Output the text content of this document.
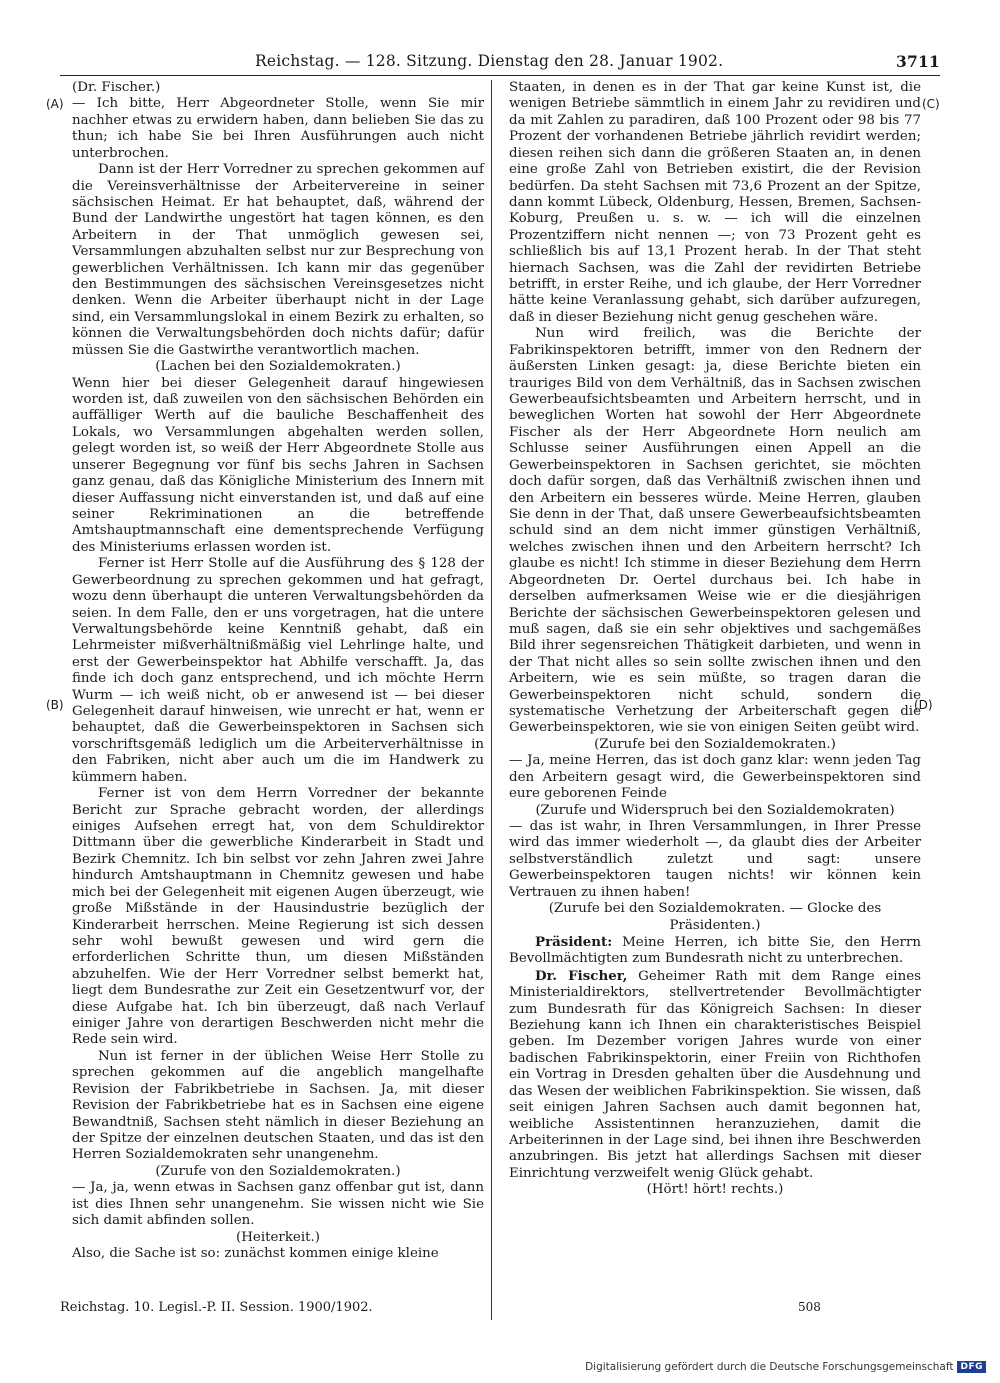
Reichstag. — 128. Sitzung. Dienstag den 28. Januar 1902.	3711
(A)
(B)
(C)
(D)

(Dr. Fischer.)

— Ich bitte, Herr Abgeordneter Stolle, wenn Sie mir nachher etwas zu erwidern haben, dann belieben Sie das zu thun; ich habe Sie bei Ihren Ausführungen auch nicht unterbrochen.

Dann ist der Herr Vorredner zu sprechen gekommen auf die Vereinsverhältnisse der Arbeitervereine in seiner sächsischen Heimat. Er hat behauptet, daß, während der Bund der Landwirthe ungestört hat tagen können, es den Arbeitern in der That unmöglich gewesen sei, Versammlungen abzuhalten selbst nur zur Besprechung von gewerblichen Verhältnissen. Ich kann mir das gegenüber den Bestimmungen des sächsischen Vereinsgesetzes nicht denken. Wenn die Arbeiter überhaupt nicht in der Lage sind, ein Versammlungslokal in einem Bezirk zu erhalten, so können die Verwaltungsbehörden doch nichts dafür; dafür müssen Sie die Gastwirthe verantwortlich machen.

(Lachen bei den Sozialdemokraten.)

Wenn hier bei dieser Gelegenheit darauf hingewiesen worden ist, daß zuweilen von den sächsischen Behörden ein auffälliger Werth auf die bauliche Beschaffenheit des Lokals, wo Versammlungen abgehalten werden sollen, gelegt worden ist, so weiß der Herr Abgeordnete Stolle aus unserer Begegnung vor fünf bis sechs Jahren in Sachsen ganz genau, daß das Königliche Ministerium des Innern mit dieser Auffassung nicht einverstanden ist, und daß auf eine seiner Rekriminationen an die betreffende Amtshauptmannschaft eine dementsprechende Verfügung des Ministeriums erlassen worden ist.

Ferner ist Herr Stolle auf die Ausführung des § 128 der Gewerbeordnung zu sprechen gekommen und hat gefragt, wozu denn überhaupt die unteren Verwaltungsbehörden da seien. In dem Falle, den er uns vorgetragen, hat die untere Verwaltungsbehörde keine Kenntniß gehabt, daß ein Lehrmeister mißverhältnißmäßig viel Lehrlinge halte, und erst der Gewerbeinspektor hat Abhilfe verschafft. Ja, das finde ich doch ganz entsprechend, und ich möchte Herrn Wurm — ich weiß nicht, ob er anwesend ist — bei dieser Gelegenheit darauf hinweisen, wie unrecht er hat, wenn er behauptet, daß die Gewerbeinspektoren in Sachsen sich vorschriftsgemäß lediglich um die Arbeiterverhältnisse in den Fabriken, nicht aber auch um die im Handwerk zu kümmern haben.

Ferner ist von dem Herrn Vorredner der bekannte Bericht zur Sprache gebracht worden, der allerdings einiges Aufsehen erregt hat, von dem Schuldirektor Dittmann über die gewerbliche Kinderarbeit in Stadt und Bezirk Chemnitz. Ich bin selbst vor zehn Jahren zwei Jahre hindurch Amtshauptmann in Chemnitz gewesen und habe mich bei der Gelegenheit mit eigenen Augen überzeugt, wie große Mißstände in der Hausindustrie bezüglich der Kinderarbeit herrschen. Meine Regierung ist sich dessen sehr wohl bewußt gewesen und wird gern die erforderlichen Schritte thun, um diesen Mißständen abzuhelfen. Wie der Herr Vorredner selbst bemerkt hat, liegt dem Bundesrathe zur Zeit ein Gesetzentwurf vor, der diese Aufgabe hat. Ich bin überzeugt, daß nach Verlauf einiger Jahre von derartigen Beschwerden nicht mehr die Rede sein wird.

Nun ist ferner in der üblichen Weise Herr Stolle zu sprechen gekommen auf die angeblich mangelhafte Revision der Fabrikbetriebe in Sachsen. Ja, mit dieser Revision der Fabrikbetriebe hat es in Sachsen eine eigene Bewandtniß, Sachsen steht nämlich in dieser Beziehung an der Spitze der einzelnen deutschen Staaten, und das ist den Herren Sozialdemokraten sehr unangenehm.

(Zurufe von den Sozialdemokraten.)

— Ja, ja, wenn etwas in Sachsen ganz offenbar gut ist, dann ist dies Ihnen sehr unangenehm. Sie wissen nicht wie Sie sich damit abfinden sollen.

(Heiterkeit.)

Also, die Sache ist so: zunächst kommen einige kleine

Staaten, in denen es in der That gar keine Kunst ist, die wenigen Betriebe sämmtlich in einem Jahr zu revidiren und da mit Zahlen zu paradiren, daß 100 Prozent oder 98 bis 77 Prozent der vorhandenen Betriebe jährlich revidirt werden; diesen reihen sich dann die größeren Staaten an, in denen eine große Zahl von Betrieben existirt, die der Revision bedürfen. Da steht Sachsen mit 73,6 Prozent an der Spitze, dann kommt Lübeck, Oldenburg, Hessen, Bremen, Sachsen-Koburg, Preußen u. s. w. — ich will die einzelnen Prozentziffern nicht nennen —; von 73 Prozent geht es schließlich bis auf 13,1 Prozent herab. In der That steht hiernach Sachsen, was die Zahl der revidirten Betriebe betrifft, in erster Reihe, und ich glaube, der Herr Vorredner hätte keine Veranlassung gehabt, sich darüber aufzuregen, daß in dieser Beziehung nicht genug geschehen wäre.

Nun wird freilich, was die Berichte der Fabrikinspektoren betrifft, immer von den Rednern der äußersten Linken gesagt: ja, diese Berichte bieten ein trauriges Bild von dem Verhältniß, das in Sachsen zwischen Gewerbeaufsichtsbeamten und Arbeitern herrscht, und in beweglichen Worten hat sowohl der Herr Abgeordnete Fischer als der Herr Abgeordnete Horn neulich am Schlusse seiner Ausführungen einen Appell an die Gewerbeinspektoren in Sachsen gerichtet, sie möchten doch dafür sorgen, daß das Verhältniß zwischen ihnen und den Arbeitern ein besseres würde. Meine Herren, glauben Sie denn in der That, daß unsere Gewerbeaufsichtsbeamten schuld sind an dem nicht immer günstigen Verhältniß, welches zwischen ihnen und den Arbeitern herrscht? Ich glaube es nicht! Ich stimme in dieser Beziehung dem Herrn Abgeordneten Dr. Oertel durchaus bei. Ich habe in derselben aufmerksamen Weise wie er die diesjährigen Berichte der sächsischen Gewerbeinspektoren gelesen und muß sagen, daß sie ein sehr objektives und sachgemäßes Bild ihrer segensreichen Thätigkeit darbieten, und wenn in der That nicht alles so sein sollte zwischen ihnen und den Arbeitern, wie es sein müßte, so tragen daran die Gewerbeinspektoren nicht schuld, sondern die systematische Verhetzung der Arbeiterschaft gegen die Gewerbeinspektoren, wie sie von einigen Seiten geübt wird.

(Zurufe bei den Sozialdemokraten.)

— Ja, meine Herren, das ist doch ganz klar: wenn jeden Tag den Arbeitern gesagt wird, die Gewerbeinspektoren sind eure geborenen Feinde

(Zurufe und Widerspruch bei den Sozialdemokraten)

— das ist wahr, in Ihren Versammlungen, in Ihrer Presse wird das immer wiederholt —, da glaubt dies der Arbeiter selbstverständlich zuletzt und sagt: unsere Gewerbeinspektoren taugen nichts! wir können kein Vertrauen zu ihnen haben!

(Zurufe bei den Sozialdemokraten. — Glocke des Präsidenten.)

Präsident: Meine Herren, ich bitte Sie, den Herrn Bevollmächtigten zum Bundesrath nicht zu unterbrechen.

Dr. Fischer, Geheimer Rath mit dem Range eines Ministerialdirektors, stellvertretender Bevollmächtigter zum Bundesrath für das Königreich Sachsen: In dieser Beziehung kann ich Ihnen ein charakteristisches Beispiel geben. Im Dezember vorigen Jahres wurde von einer badischen Fabrikinspektorin, einer Freiin von Richthofen ein Vortrag in Dresden gehalten über die Ausdehnung und das Wesen der weiblichen Fabrikinspektion. Sie wissen, daß seit einigen Jahren Sachsen auch damit begonnen hat, weibliche Assistentinnen heranzuziehen, damit die Arbeiterinnen in der Lage sind, bei ihnen ihre Beschwerden anzubringen. Bis jetzt hat allerdings Sachsen mit dieser Einrichtung verzweifelt wenig Glück gehabt.

(Hört! hört! rechts.)

Reichstag. 10. Legisl.-P. II. Session. 1900/1902.	508
Digitalisierung gefördert durch die Deutsche Forschungsgemeinschaft DFG
